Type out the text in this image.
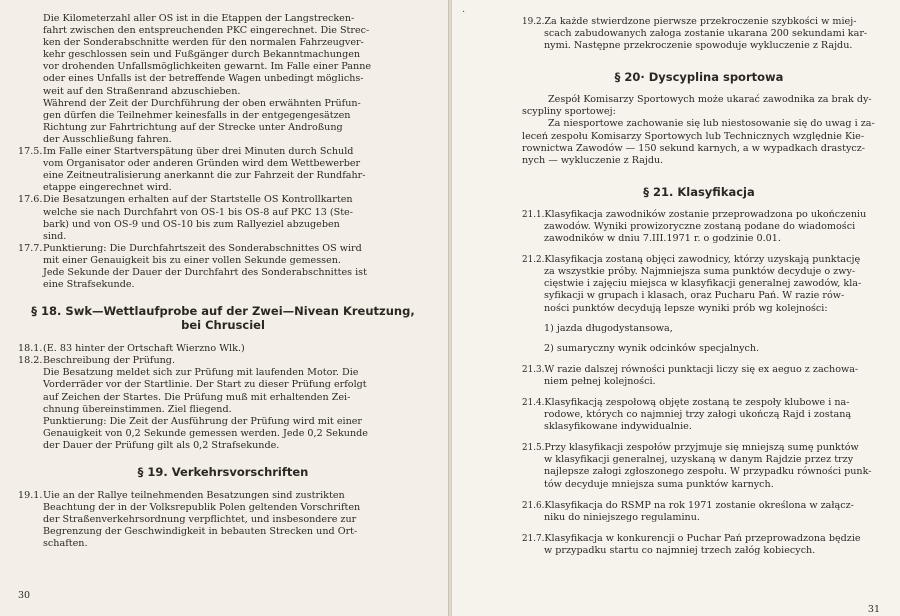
Die Kilometerzahl aller OS ist in die Etappen der Langstrecken-

fahrt zwischen den entspreuchenden PKC eingerechnet. Die Strec-

ken der Sonderabschnitte werden für den normalen Fahrzeugver-

kehr geschlossen sein und Fußgänger durch Bekanntmachungen

vor drohenden Unfallsmöglichkeiten gewarnt. Im Falle einer Panne

oder eines Unfalls ist der betreffende Wagen unbedingt möglichs-

weit auf den Straßenrand abzuschieben.

Während der Zeit der Durchführung der oben erwähnten Prüfun-

gen dürfen die Teilnehmer keinesfalls in der entgegengesätzen

Richtung zur Fahrtrichtung auf der Strecke unter Androßung

der Ausschließung fahren.

17.5. Im Falle einer Startverspätung über drei Minuten durch Schuld

vom Organisator oder anderen Gründen wird dem Wettbewerber

eine Zeitneutralisierung anerkannt die zur Fahrzeit der Rundfahr-

etappe eingerechnet wird.

17.6. Die Besatzungen erhalten auf der Startstelle OS Kontrollkarten

welche sie nach Durchfahrt von OS-1 bis OS-8 auf PKC 13 (Ste-

bark) und von OS-9 und OS-10 bis zum Rallyeziel abzugeben

sind.

17.7. Punktierung: Die Durchfahrtszeit des Sonderabschnittes OS wird

mit einer Genauigkeit bis zu einer vollen Sekunde gemessen.

Jede Sekunde der Dauer der Durchfahrt des Sonderabschnittes ist

eine Strafsekunde.

§ 18. Swk—Wettlaufprobe auf der Zwei—Nivean Kreutzung,

bei Chrusciel

18.1. (E. 83 hinter der Ortschaft Wierzno Wlk.)
18.2. Beschreibung der Prüfung.

Die Besatzung meldet sich zur Prüfung mit laufenden Motor. Die

Vorderräder vor der Startlinie. Der Start zu dieser Prüfung erfolgt

auf Zeichen der Startes. Die Prüfung muß mit erhaltenden Zei-

chnung übereinstimmen. Ziel fliegend.

Punktierung: Die Zeit der Ausführung der Prüfung wird mit einer

Genauigkeit von 0,2 Sekunde gemessen werden. Jede 0,2 Sekunde

der Dauer der Prüfung gilt als 0,2 Strafsekunde.

§ 19. Verkehrsvorschriften

19.1. Uie an der Rallye teilnehmenden Besatzungen sind zustrikten

Beachtung der in der Volksrepublik Polen geltenden Vorschriften

der Straßenverkehrsordnung verpflichtet, und insbesondere zur

Begrenzung der Geschwindigkeit in bebauten Strecken und Ort-

schaften.

30
19.2. Za każde stwierdzone pierwsze przekroczenie szybkości w miej-

scach zabudowanych załoga zostanie ukarana 200 sekundami kar-

nymi. Następne przekroczenie spowoduje wykluczenie z Rajdu.

§ 20· Dyscyplina sportowa

Zespół Komisarzy Sportowych może ukarać zawodnika za brak dy-

scypliny sportowej:

Za niesportowe zachowanie się lub niestosowanie się do uwag i za-

leceń zespołu Komisarzy Sportowych lub Technicznych względnie Kie-

rownictwa Zawodów — 150 sekund karnych, a w wypadkach drastycz-

nych — wykluczenie z Rajdu.

§ 21. Klasyfikacja

21.1. Klasyfikacja zawodników zostanie przeprowadzona po ukończeniu

zawodów. Wyniki prowizoryczne zostaną podane do wiadomości

zawodników w dniu 7.III.1971 r. o godzinie 0.01.

21.2. Klasyfikacja zostaną objęci zawodnicy, którzy uzyskają punktację

za wszystkie próby. Najmniejsza suma punktów decyduje o zwy-

cięstwie i zajęciu miejsca w klasyfikacji generalnej zawodów, kla-

syfikacji w grupach i klasach, oraz Pucharu Pań. W razie rów-

ności punktów decydują lepsze wyniki prób wg kolejności:

1) jazda długodystansowa,

2) sumaryczny wynik odcinków specjalnych.

21.3. W razie dalszej równości punktacji liczy się ex aeguo z zachowa-

niem pełnej kolejności.

21.4. Klasyfikacją zespołową objęte zostaną te zespoły klubowe i na-

rodowe, których co najmniej trzy załogi ukończą Rajd i zostaną

sklasyfikowane indywidualnie.

21.5. Przy klasyfikacji zespołów przyjmuje się mniejszą sumę punktów

w klasyfikacji generalnej, uzyskaną w danym Rajdzie przez trzy

najlepsze załogi zgłoszonego zespołu. W przypadku równości punk-

tów decyduje mniejsza suma punktów karnych.

21.6. Klasyfikacja do RSMP na rok 1971 zostanie określona w załącz-

niku do niniejszego regulaminu.

21.7. Klasyfikacja w konkurencji o Puchar Pań przeprowadzona będzie

w przypadku startu co najmniej trzech załóg kobiecych.

31
·
